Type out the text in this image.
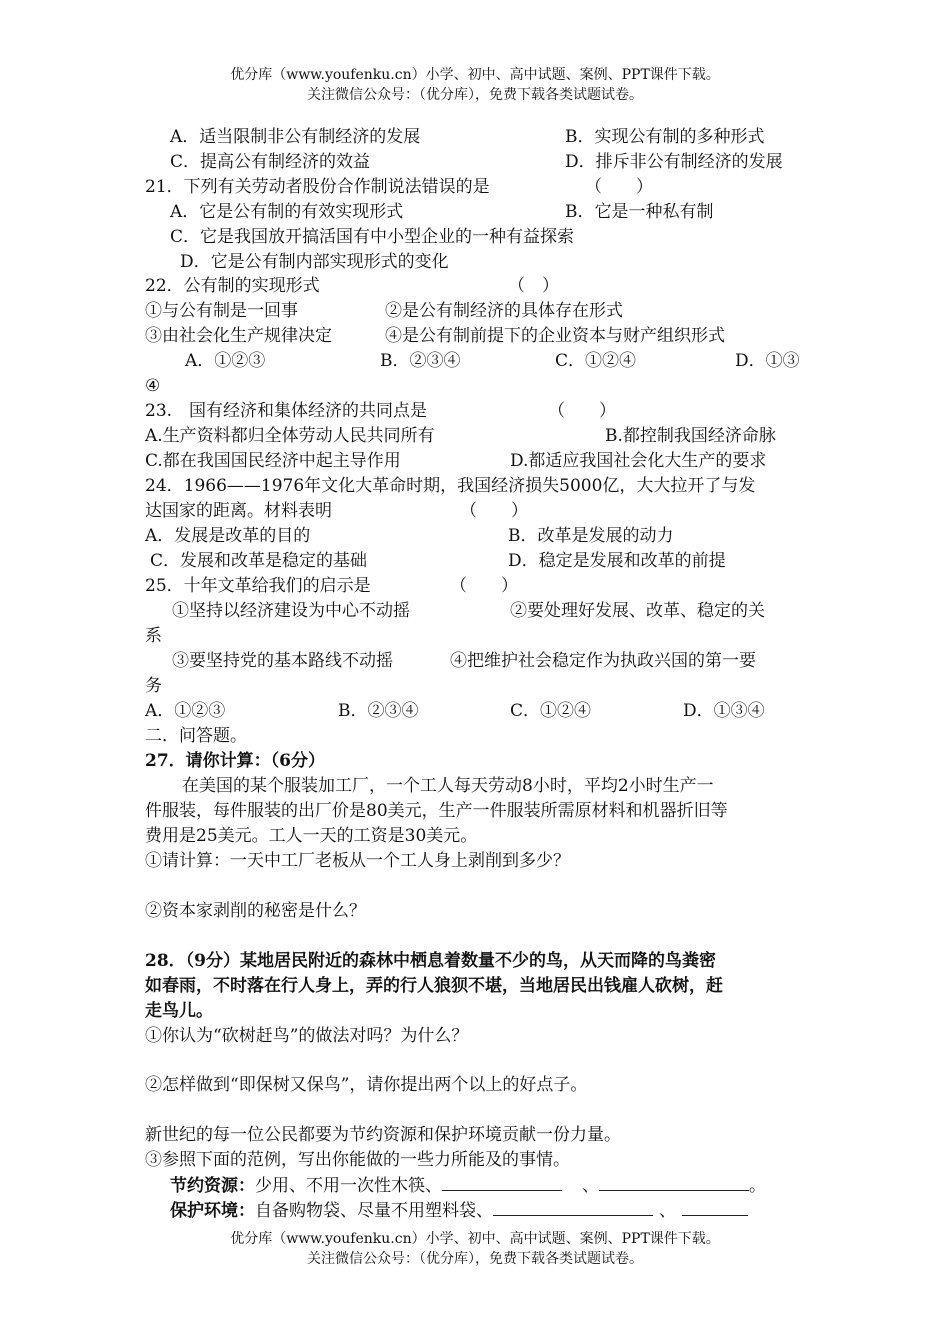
优分库（www.youfenku.cn）小学、初中、高中试题、案例、PPT课件下载。
关注微信公众号：（优分库），免费下载各类试题试卷。
A．适当限制非公有制经济的发展	B．实现公有制的多种形式
C．提高公有制经济的效益	D．排斥非公有制经济的发展
21．下列有关劳动者股份合作制说法错误的是	（　　）
A．它是公有制的有效实现形式	B．它是一种私有制
C．它是我国放开搞活国有中小型企业的一种有益探索
D．它是公有制内部实现形式的变化
22．公有制的实现形式	（　）
①与公有制是一回事	②是公有制经济的具体存在形式
③由社会化生产规律决定	④是公有制前提下的企业资本与财产组织形式
A．①②③	B．②③④	C．①②④	D．①③
④
23.　国有经济和集体经济的共同点是	（　　）
A.生产资料都归全体劳动人民共同所有	B.都控制我国经济命脉
C.都在我国国民经济中起主导作用	D.都适应我国社会化大生产的要求
24．1966——1976年文化大革命时期，我国经济损失5000亿，大大拉开了与发
达国家的距离。材料表明	（　　）
A．发展是改革的目的	B．改革是发展的动力
C．发展和改革是稳定的基础	D．稳定是发展和改革的前提
25．十年文革给我们的启示是	（　　）
①坚持以经济建设为中心不动摇	②要处理好发展、改革、稳定的关
系
③要坚持党的基本路线不动摇	④把维护社会稳定作为执政兴国的第一要
务
A．①②③	B．②③④	C．①②④	D．①③④
二．问答题。
27．请你计算：（6分）
在美国的某个服装加工厂，一个工人每天劳动8小时，平均2小时生产一
件服装，每件服装的出厂价是80美元，生产一件服装所需原材料和机器折旧等
费用是25美元。工人一天的工资是30美元。
①请计算：一天中工厂老板从一个工人身上剥削到多少？
②资本家剥削的秘密是什么？
28．（9分）某地居民附近的森林中栖息着数量不少的鸟，从天而降的鸟粪密
如春雨，不时落在行人身上，弄的行人狼狈不堪，当地居民出钱雇人砍树，赶
走鸟儿。
①你认为“砍树赶鸟”的做法对吗？为什么？
②怎样做到“即保树又保鸟”，请你提出两个以上的好点子。
新世纪的每一位公民都要为节约资源和保护环境贡献一份力量。
③参照下面的范例，写出你能做的一些力所能及的事情。
节约资源：少用、不用一次性木筷、	、	。
保护环境：自备购物袋、尽量不用塑料袋、	、
优分库（www.youfenku.cn）小学、初中、高中试题、案例、PPT课件下载。
关注微信公众号：（优分库），免费下载各类试题试卷。
